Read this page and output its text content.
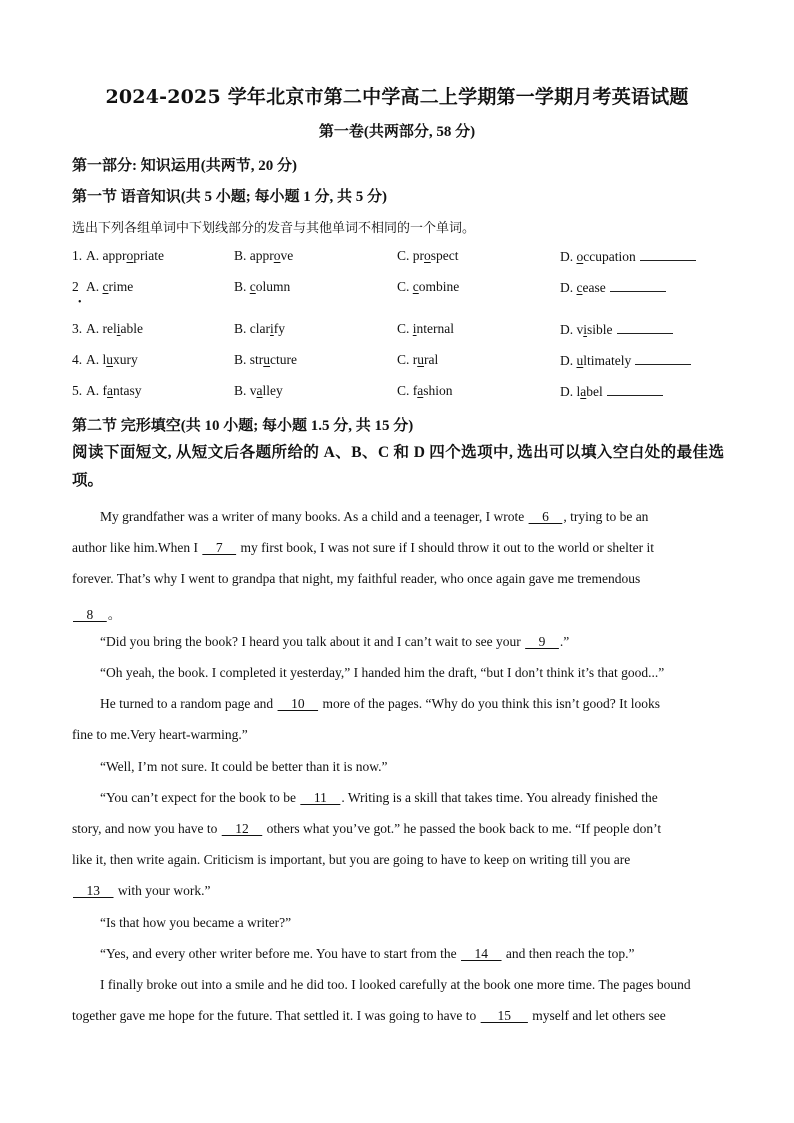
2024-2025 学年北京市第二中学高二上学期第一学期月考英语试题
第一卷(共两部分, 58 分)
第一部分: 知识运用(共两节, 20 分)
第一节 语音知识(共 5 小题; 每小题 1 分, 共 5 分)
选出下列各组单词中下划线部分的发音与其他单词不相同的一个单词。
1. A. appropriate	B. approve	C. prospect	D. occupation
2 A. crime	B. column	C. combine	D. cease
3. A. reliable	B. clarify	C. internal	D. visible
4. A. luxury	B. structure	C. rural	D. ultimately
5. A. fantasy	B. valley	C. fashion	D. label
•
第二节 完形填空(共 10 小题; 每小题 1.5 分, 共 15 分)
阅读下面短文, 从短文后各题所给的 A、B、C 和 D 四个选项中, 选出可以填入空白处的最佳选项。
My grandfather was a writer of many books. As a child and a teenager, I wrote     6    , trying to be an
author like him.When I     7     my first book, I was not sure if I should throw it out to the world or shelter it
forever. That’s why I went to grandpa that night, my faithful reader, who once again gave me tremendous
8    。
“Did you bring the book? I heard you talk about it and I can’t wait to see your     9    .”
“Oh yeah, the book. I completed it yesterday,” I handed him the draft, “but I don’t think it’s that good...”
He turned to a random page and     10     more of the pages. “Why do you think this isn’t good? It looks
fine to me.Very heart-warming.”
“Well, I’m not sure. It could be better than it is now.”
“You can’t expect for the book to be     11    . Writing is a skill that takes time. You already finished the
story, and now you have to     12     others what you’ve got.” he passed the book back to me. “If people don’t
like it, then write again. Criticism is important, but you are going to have to keep on writing till you are
13     with your work.”
“Is that how you became a writer?”
“Yes, and every other writer before me. You have to start from the     14     and then reach the top.”
I finally broke out into a smile and he did too. I looked carefully at the book one more time. The pages bound
together gave me hope for the future. That settled it. I was going to have to      15      myself and let others see
